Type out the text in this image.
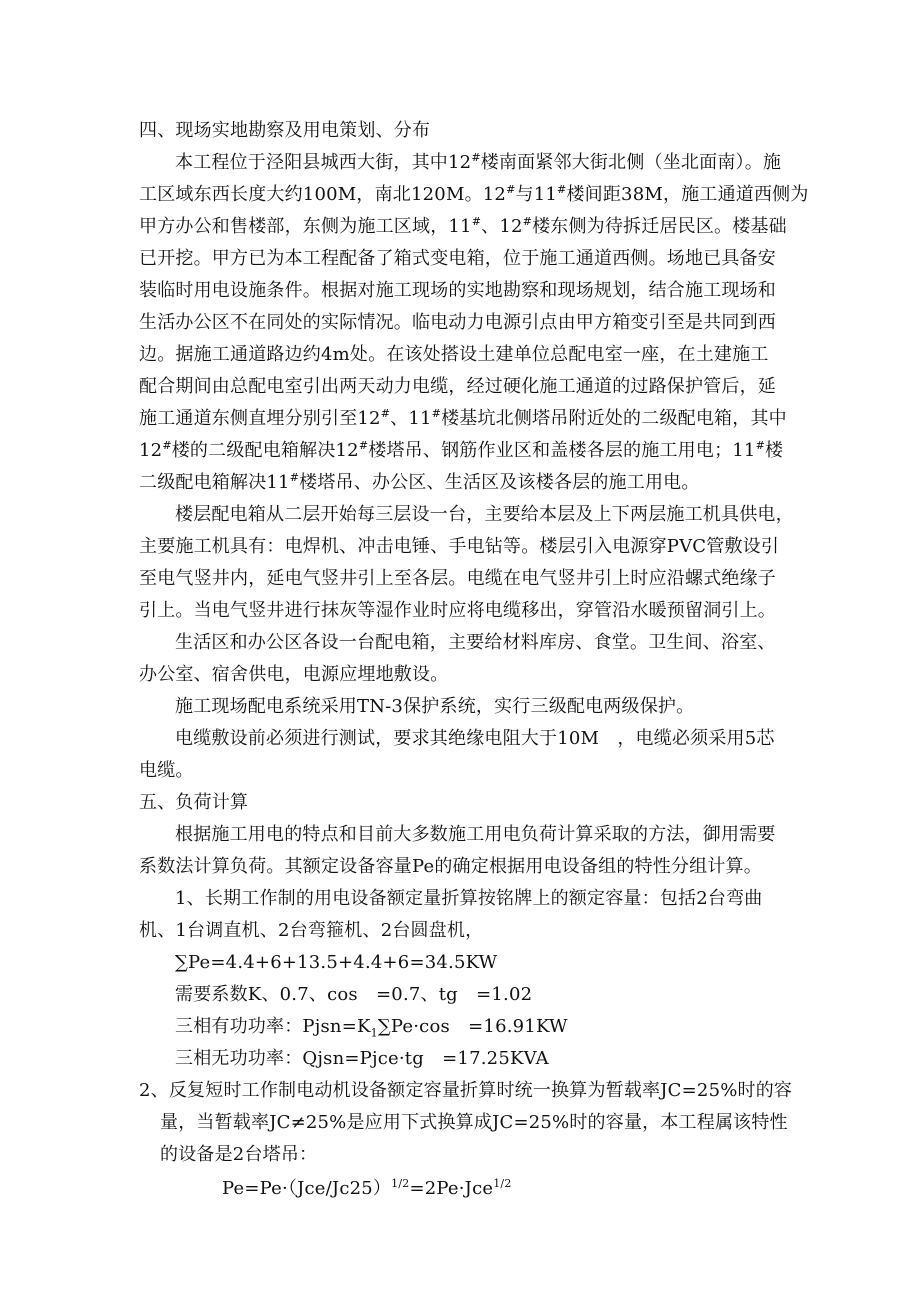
四、现场实地勘察及用电策划、分布
本工程位于泾阳县城西大街，其中12#楼南面紧邻大街北侧（坐北面南）。施
工区域东西长度大约100M，南北120M。12#与11#楼间距38M，施工通道西侧为
甲方办公和售楼部，东侧为施工区域，11#、12#楼东侧为待拆迁居民区。楼基础
已开挖。甲方已为本工程配备了箱式变电箱，位于施工通道西侧。场地已具备安
装临时用电设施条件。根据对施工现场的实地勘察和现场规划，结合施工现场和
生活办公区不在同处的实际情况。临电动力电源引点由甲方箱变引至是共同到西
边。据施工通道路边约4m处。在该处搭设土建单位总配电室一座，在土建施工
配合期间由总配电室引出两天动力电缆，经过硬化施工通道的过路保护管后，延
施工通道东侧直埋分别引至12#、11#楼基坑北侧塔吊附近处的二级配电箱，其中
12#楼的二级配电箱解决12#楼塔吊、钢筋作业区和盖楼各层的施工用电；11#楼
二级配电箱解决11#楼塔吊、办公区、生活区及该楼各层的施工用电。
楼层配电箱从二层开始每三层设一台，主要给本层及上下两层施工机具供电，
主要施工机具有：电焊机、冲击电锤、手电钻等。楼层引入电源穿PVC管敷设引
至电气竖井内，延电气竖井引上至各层。电缆在电气竖井引上时应沿螺式绝缘子
引上。当电气竖井进行抹灰等湿作业时应将电缆移出，穿管沿水暖预留洞引上。
生活区和办公区各设一台配电箱，主要给材料库房、食堂。卫生间、浴室、
办公室、宿舍供电，电源应埋地敷设。
施工现场配电系统采用TN-3保护系统，实行三级配电两级保护。
电缆敷设前必须进行测试，要求其绝缘电阻大于10M　，电缆必须采用5芯
电缆。
五、负荷计算
根据施工用电的特点和目前大多数施工用电负荷计算采取的方法，御用需要
系数法计算负荷。其额定设备容量Pe的确定根据用电设备组的特性分组计算。
1、长期工作制的用电设备额定量折算按铭牌上的额定容量：包括2台弯曲
机、1台调直机、2台弯箍机、2台圆盘机，
∑Pe=4.4+6+13.5+4.4+6=34.5KW
需要系数K、0.7、cos　=0.7、tg　=1.02
三相有功功率：$Pjsn=K_1\sum Pe\cdot\cos$　=16.91KW
三相无功功率：Qjsn=Pjce·tg　=17.25KVA
2、反复短时工作制电动机设备额定容量折算时统一换算为暂载率JC=25%时的容
量，当暂载率JC≠25%是应用下式换算成JC=25%时的容量，本工程属该特性
的设备是2台塔吊：
$Pe=Pe\cdot(Jce/Jc25)^{1/2}=2Pe\cdot Jce^{1/2}$
